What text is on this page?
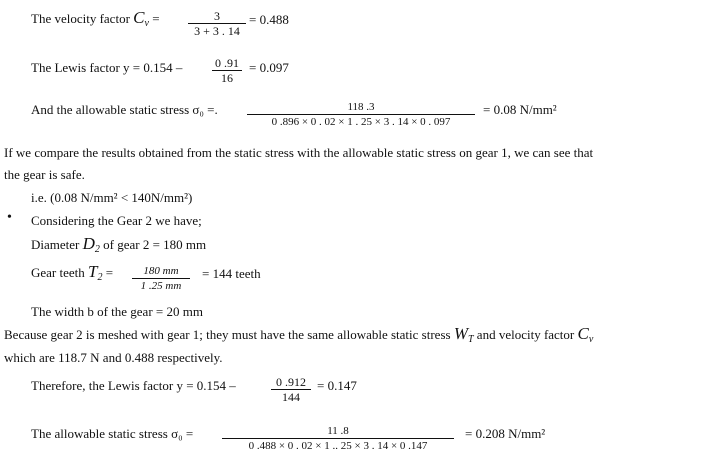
The velocity factor $C_v$ =	3
3 + 3 . 14
= 0.488
The Lewis factor y = 0.154 –	0 .91
16
= 0.097
And the allowable static stress σ₀ =.	118 .3
0 .896 × 0 . 02 × 1 . 25 × 3 . 14 × 0 . 097
= 0.08 N/mm²
If we compare the results obtained from the static stress with the allowable static stress on gear 1, we can see that
the gear is safe.
i.e. (0.08 N/mm² < 140N/mm²)
• Considering the Gear 2 we have;
Diameter $D_2$ of gear 2 = 180 mm
Gear teeth $T_2$ =	180 mm
1 .25 mm
= 144 teeth
The width b of the gear = 20 mm
Because gear 2 is meshed with gear 1; they must have the same allowable static stress $W_T$ and velocity factor $C_v$
which are 118.7 N and 0.488 respectively.
Therefore, the Lewis factor y = 0.154 –	0 .912
144
= 0.147
The allowable static stress σ₀ =	11 .8
0 .488 × 0 . 02 × 1 .. 25 × 3 . 14 × 0 .147
= 0.208 N/mm²
